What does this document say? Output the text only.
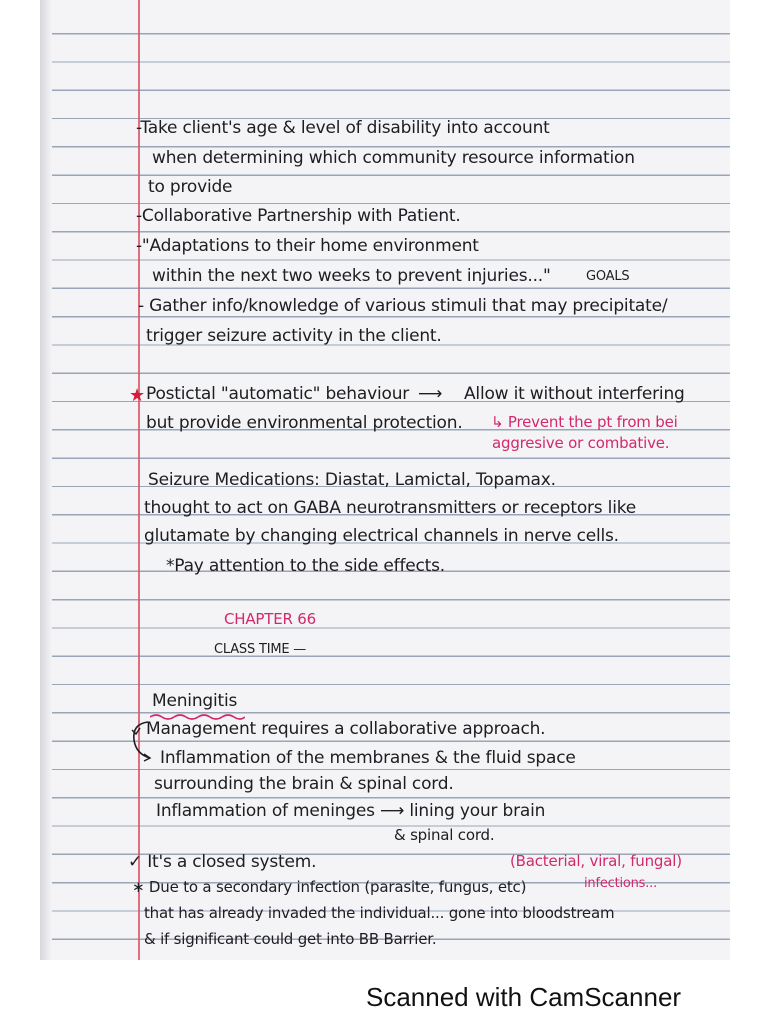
-Take client's age & level of disability into account
when determining which community resource information
to provide
-Collaborative Partnership with Patient.
-"Adaptations to their home environment
within the next two weeks to prevent injuries..."	GOALS
- Gather info/knowledge of various stimuli that may precipitate/
trigger seizure activity in the client.
★ Postictal "automatic" behaviour ⟶ Allow it without interfering
but provide environmental protection. ↳ Prevent the pt from bei
aggresive or combative.
Seizure Medications: Diastat, Lamictal, Topamax.
thought to act on GABA neurotransmitters or receptors like
glutamate by changing electrical channels in nerve cells.
*Pay attention to the side effects.
CHAPTER 66
CLASS TIME —
Meningitis
Management requires a collaborative approach.
Inflammation of the membranes & the fluid space
surrounding the brain & spinal cord.
Inflammation of meninges ⟶ lining your brain
& spinal cord.
✓ It's a closed system.	(Bacterial, viral, fungal)
infections...
∗ Due to a secondary infection (parasite, fungus, etc)
that has already invaded the individual... gone into bloodstream
& if significant could get into BB Barrier.
Scanned with CamScanner
